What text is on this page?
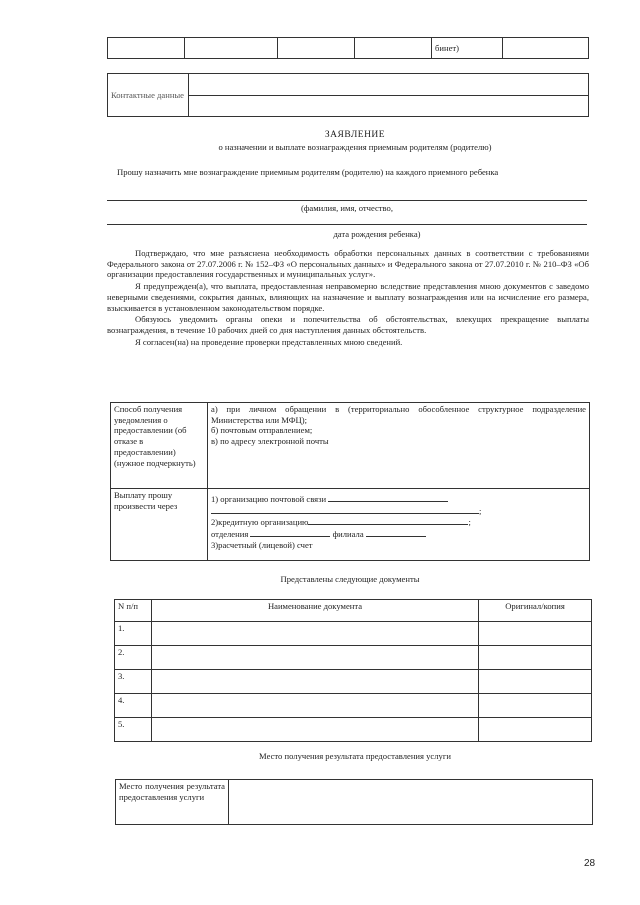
				бинет)	
Контактные данные	
ЗАЯВЛЕНИЕ
о назначении и выплате вознаграждения приемным родителям (родителю)
Прошу назначить мне вознаграждение приемным родителям (родителю) на каждого приемного ребенка
(фамилия, имя, отчество,
дата рождения ребенка)

Подтверждаю, что мне разъяснена необходимость обработки персональных данных в соответствии с требованиями Федерального закона от 27.07.2006 г. № 152–ФЗ «О персональных данных» и Федерального закона от 27.07.2010 г. № 210–ФЗ «Об организации предоставления государственных и муниципальных услуг».

Я предупрежден(а), что выплата, предоставленная неправомерно вследствие представления мною документов с заведомо неверными сведениями, сокрытия данных, влияющих на назначение и выплату вознаграждения или на исчисление его размера, взыскивается в установленном законодательством порядке.

Обязуюсь уведомить органы опеки и попечительства об обстоятельствах, влекущих прекращение выплаты вознаграждения, в течение 10 рабочих дней со дня наступления данных обстоятельств.

Я согласен(на) на проведение проверки представленных мною сведений.

Способ получения уведомления о предоставлении (об отказе в предоставлении) (нужное подчеркнуть)	а) при личном обращении в (территориально обособленное структурное подразделение Министерства или МФЦ);
б) почтовым отправлением;
в) по адресу электронной почты

Выплату прошу произвести через	1) организацию почтовой связи
;
2)кредитную организацию ;
отделения филиала
3)расчетный (лицевой) счет
Представлены следующие документы
N п/п	Наименование документа	Оригинал/копия
1.		
2.		
3.		
4.		
5.		
Место получения результата предоставления услуги
Место получения результата предоставления услуги	
28
